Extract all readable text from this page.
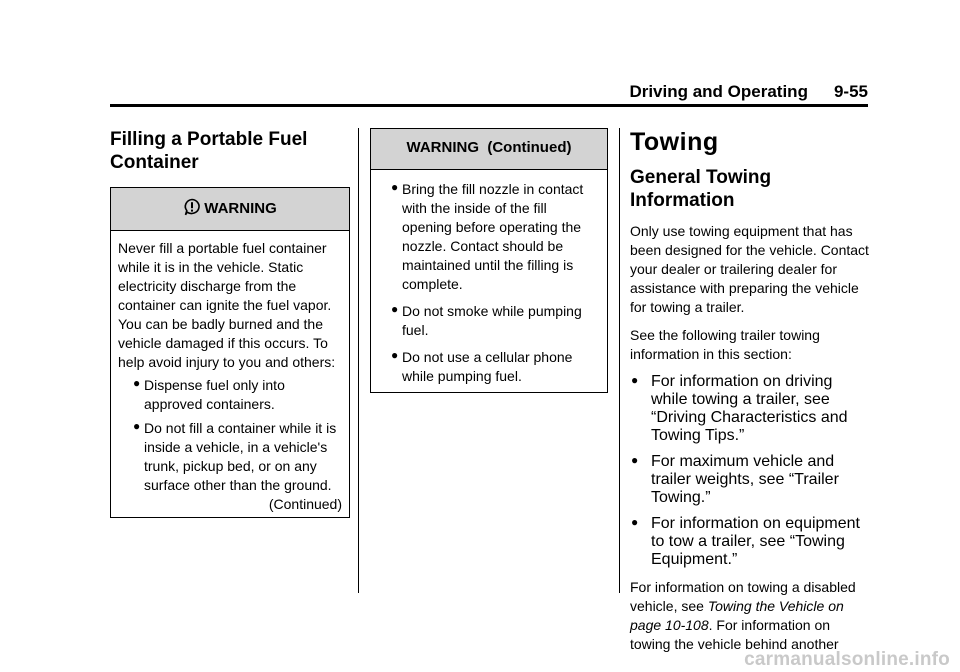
Driving and Operating 9-55
Filling a Portable Fuel Container
WARNING

Never fill a portable fuel container while it is in the vehicle. Static electricity discharge from the container can ignite the fuel vapor. You can be badly burned and the vehicle damaged if this occurs. To help avoid injury to you and others:

● Dispense fuel only into approved containers.
● Do not fill a container while it is inside a vehicle, in a vehicle's trunk, pickup bed, or on any surface other than the ground.
(Continued)
WARNING  (Continued)
● Bring the fill nozzle in contact with the inside of the fill opening before operating the nozzle. Contact should be maintained until the filling is complete.
● Do not smoke while pumping fuel.
● Do not use a cellular phone while pumping fuel.
Towing
General Towing Information

Only use towing equipment that has been designed for the vehicle. Contact your dealer or trailering dealer for assistance with preparing the vehicle for towing a trailer.

See the following trailer towing information in this section:

● For information on driving while towing a trailer, see “Driving Characteristics and Towing Tips.”
● For maximum vehicle and trailer weights, see “Trailer Towing.”
● For information on equipment to tow a trailer, see “Towing Equipment.”

For information on towing a disabled vehicle, see Towing the Vehicle on page 10-108. For information on towing the vehicle behind another

carmanualsonline.info
